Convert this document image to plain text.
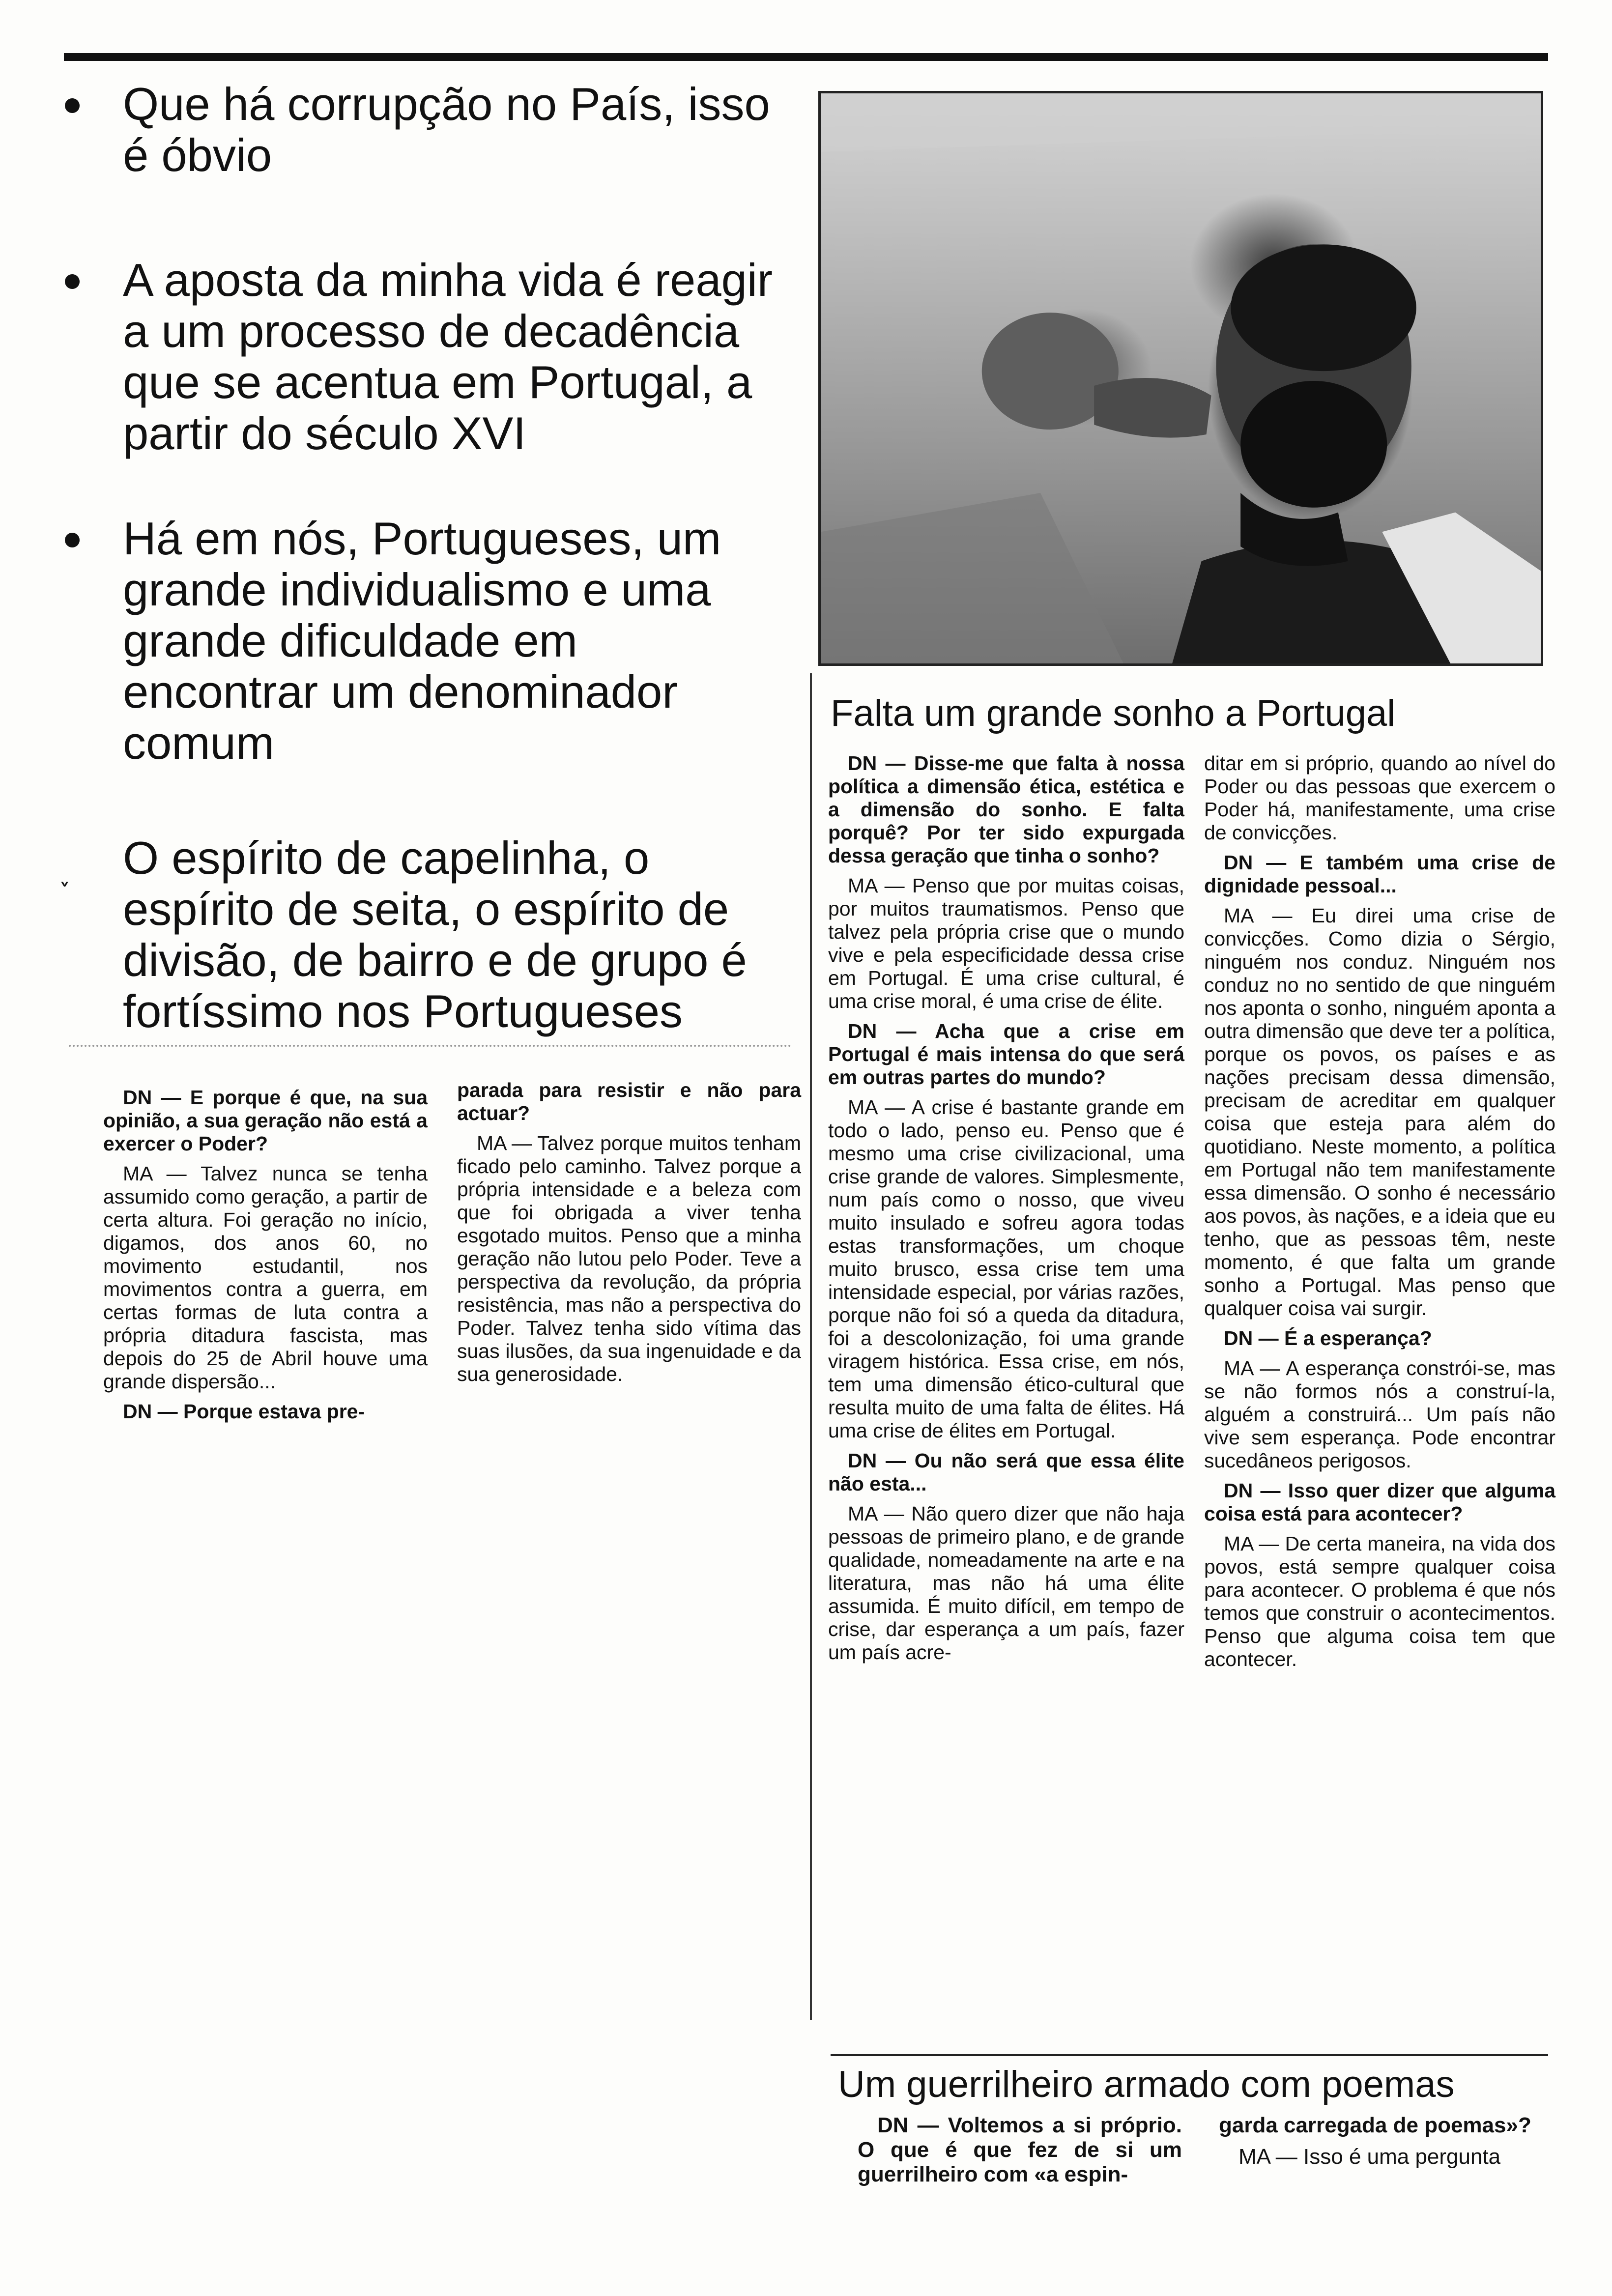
Que há corrupção no País, isso é óbvio
A aposta da minha vida é reagir a um processo de decadência que se acentua em Portugal, a partir do século XVI
Há em nós, Portugueses, um grande individualismo e uma grande dificuldade em encontrar um denominador comum
˯ O espírito de capelinha, o espírito de seita, o espírito de divisão, de bairro e de grupo é fortíssimo nos Portugueses

DN — E porque é que, na sua opinião, a sua geração não está a exercer o Poder?

MA — Talvez nunca se tenha assumido como geração, a partir de certa altura. Foi geração no início, digamos, dos anos 60, no movimento estudantil, nos movimentos contra a guerra, em certas formas de luta contra a própria ditadura fascista, mas depois do 25 de Abril houve uma grande dispersão...

DN — Porque estava pre-

parada para resistir e não para actuar?

MA — Talvez porque muitos tenham ficado pelo caminho. Talvez porque a própria intensidade e a beleza com que foi obrigada a viver tenha esgotado muitos. Penso que a minha geração não lutou pelo Poder. Teve a perspectiva da revolução, da própria resistência, mas não a perspectiva do Poder. Talvez tenha sido vítima das suas ilusões, da sua ingenuidade e da sua generosidade.

Falta um grande sonho a Portugal

DN — Disse-me que falta à nossa política a dimensão ética, estética e a dimensão do sonho. E falta porquê? Por ter sido expurgada dessa geração que tinha o sonho?

MA — Penso que por muitas coisas, por muitos traumatismos. Penso que talvez pela própria crise que o mundo vive e pela especificidade dessa crise em Portugal. É uma crise cultural, é uma crise moral, é uma crise de élite.

DN — Acha que a crise em Portugal é mais intensa do que será em outras partes do mundo?

MA — A crise é bastante grande em todo o lado, penso eu. Penso que é mesmo uma crise civilizacional, uma crise grande de valores. Simplesmente, num país como o nosso, que viveu muito insulado e sofreu agora todas estas transformações, um choque muito brusco, essa crise tem uma intensidade especial, por várias razões, porque não foi só a queda da ditadura, foi a descolonização, foi uma grande viragem histórica. Essa crise, em nós, tem uma dimensão ético-cultural que resulta muito de uma falta de élites. Há uma crise de élites em Portugal.

DN — Ou não será que essa élite não esta...

MA — Não quero dizer que não haja pessoas de primeiro plano, e de grande qualidade, nomeadamente na arte e na literatura, mas não há uma élite assumida. É muito difícil, em tempo de crise, dar esperança a um país, fazer um país acre-

ditar em si próprio, quando ao nível do Poder ou das pessoas que exercem o Poder há, manifestamente, uma crise de convicções.

DN — E também uma crise de dignidade pessoal...

MA — Eu direi uma crise de convicções. Como dizia o Sérgio, ninguém nos conduz. Ninguém nos conduz no no sentido de que ninguém nos aponta o sonho, ninguém aponta a outra dimensão que deve ter a política, porque os povos, os países e as nações precisam dessa dimensão, precisam de acreditar em qualquer coisa que esteja para além do quotidiano. Neste momento, a política em Portugal não tem manifestamente essa dimensão. O sonho é necessário aos povos, às nações, e a ideia que eu tenho, que as pessoas têm, neste momento, é que falta um grande sonho a Portugal. Mas penso que qualquer coisa vai surgir.

DN — É a esperança?

MA — A esperança constrói-se, mas se não formos nós a construí-la, alguém a construirá... Um país não vive sem esperança. Pode encontrar sucedâneos perigosos.

DN — Isso quer dizer que alguma coisa está para acontecer?

MA — De certa maneira, na vida dos povos, está sempre qualquer coisa para acontecer. O problema é que nós temos que construir o acontecimentos. Penso que alguma coisa tem que acontecer.

Um guerrilheiro armado com poemas

DN — Voltemos a si próprio. O que é que fez de si um guerrilheiro com «a espin-

garda carregada de poemas»?

MA — Isso é uma pergunta
